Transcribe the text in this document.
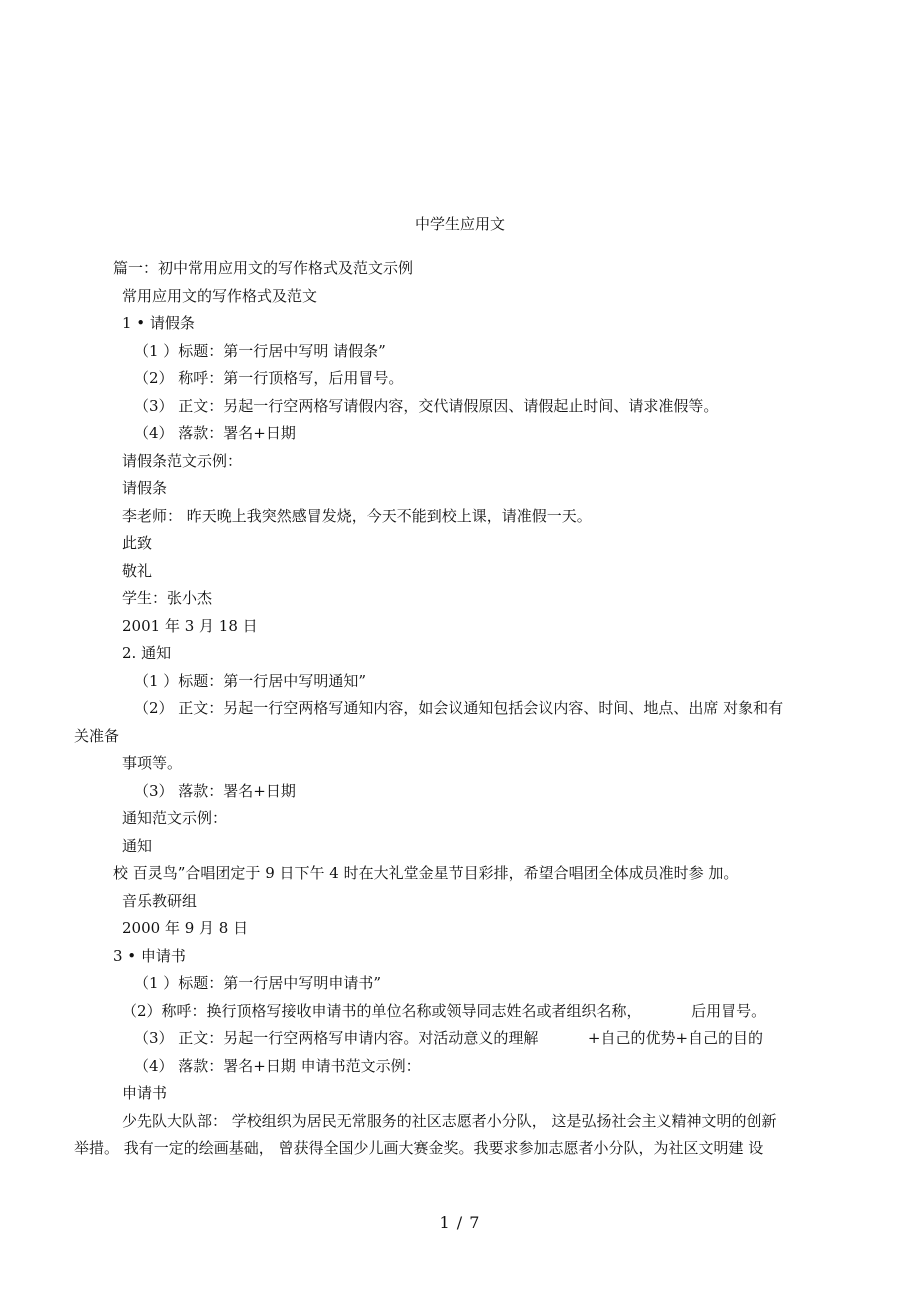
中学生应用文
篇一：初中常用应用文的写作格式及范文示例
常用应用文的写作格式及范文
1 • 请假条
（1 ）标题：第一行居中写明 请假条”
（2） 称呼：第一行顶格写，后用冒号。
（3） 正文：另起一行空两格写请假内容，交代请假原因、请假起止时间、请求准假等。
（4） 落款：署名+日期
请假条范文示例：
请假条
李老师： 昨天晚上我突然感冒发烧，今天不能到校上课，请准假一天。
此致
敬礼
学生：张小杰
2001 年 3 月 18 日
2. 通知
（1 ）标题：第一行居中写明通知”
（2） 正文：另起一行空两格写通知内容，如会议通知包括会议内容、时间、地点、出席 对象和有
关准备
事项等。
（3） 落款：署名+日期
通知范文示例：
通知
校 百灵鸟”合唱团定于 9 日下午 4 时在大礼堂金星节目彩排，希望合唱团全体成员准时参 加。
音乐教研组
2000 年 9 月 8 日
3 • 申请书
（1 ）标题：第一行居中写明申请书”
（2）称呼：换行顶格写接收申请书的单位名称或领导同志姓名或者组织名称，	后用冒号。
（3） 正文：另起一行空两格写申请内容。对活动意义的理解	+自己的优势+自己的目的
（4） 落款：署名+日期 申请书范文示例：
申请书
少先队大队部： 学校组织为居民无常服务的社区志愿者小分队， 这是弘扬社会主义精神文明的创新
举措。 我有一定的绘画基础， 曾获得全国少儿画大赛金奖。我要求参加志愿者小分队，为社区文明建 设
1 / 7
